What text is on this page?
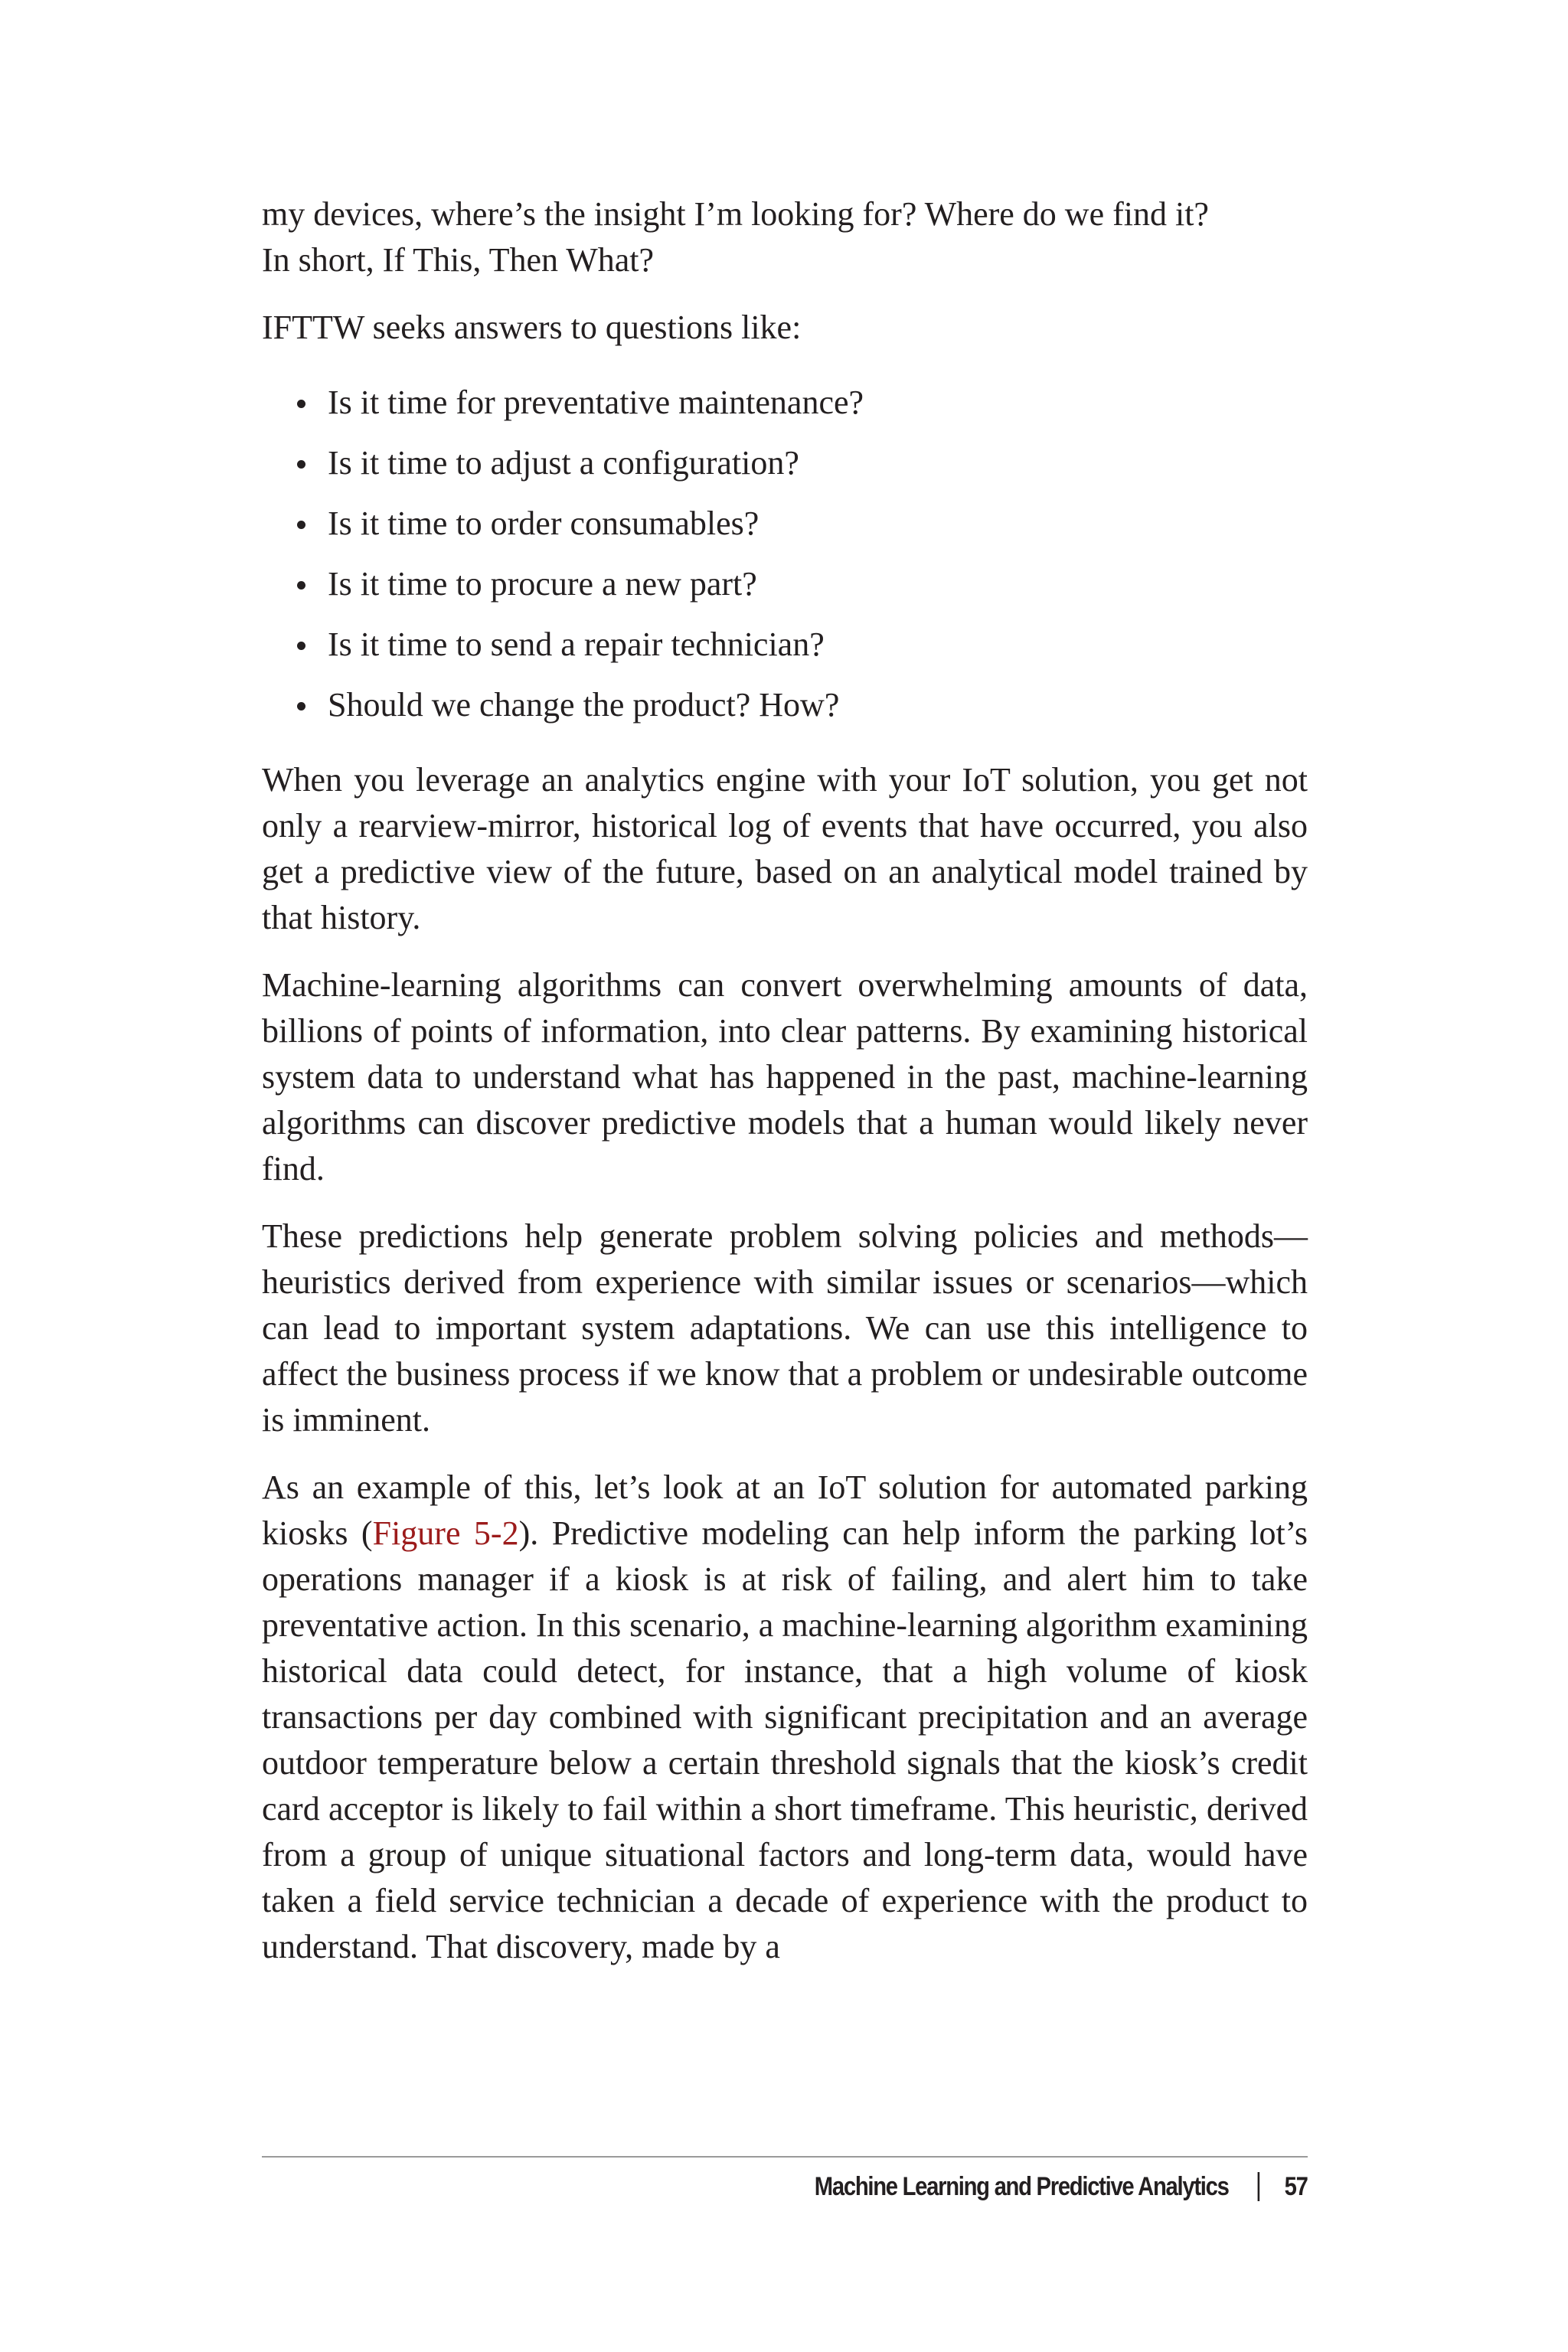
my devices, where’s the insight I’m looking for? Where do we find it?
In short, If This, Then What?

IFTTW seeks answers to questions like:

Is it time for preventative maintenance?
Is it time to adjust a configuration?
Is it time to order consumables?
Is it time to procure a new part?
Is it time to send a repair technician?
Should we change the product? How?

When you leverage an analytics engine with your IoT solution, you get not only a rearview-mirror, historical log of events that have occurred, you also get a predictive view of the future, based on an analytical model trained by that history.

Machine-learning algorithms can convert overwhelming amounts of data, billions of points of information, into clear patterns. By examining historical system data to understand what has happened in the past, machine-learning algorithms can discover predictive models that a human would likely never find.

These predictions help generate problem solving policies and methods—heuristics derived from experience with similar issues or scenarios—which can lead to important system adaptations. We can use this intelligence to affect the business process if we know that a problem or undesirable outcome is imminent.

As an example of this, let’s look at an IoT solution for automated parking kiosks (Figure 5-2). Predictive modeling can help inform the parking lot’s operations manager if a kiosk is at risk of failing, and alert him to take preventative action. In this scenario, a machine-learning algorithm examining historical data could detect, for instance, that a high volume of kiosk transactions per day combined with significant precipitation and an average outdoor temperature below a certain threshold signals that the kiosk’s credit card acceptor is likely to fail within a short timeframe. This heuristic, derived from a group of unique situational factors and long-term data, would have taken a field service technician a decade of experience with the product to understand. That discovery, made by a

Machine Learning and Predictive Analytics 57
